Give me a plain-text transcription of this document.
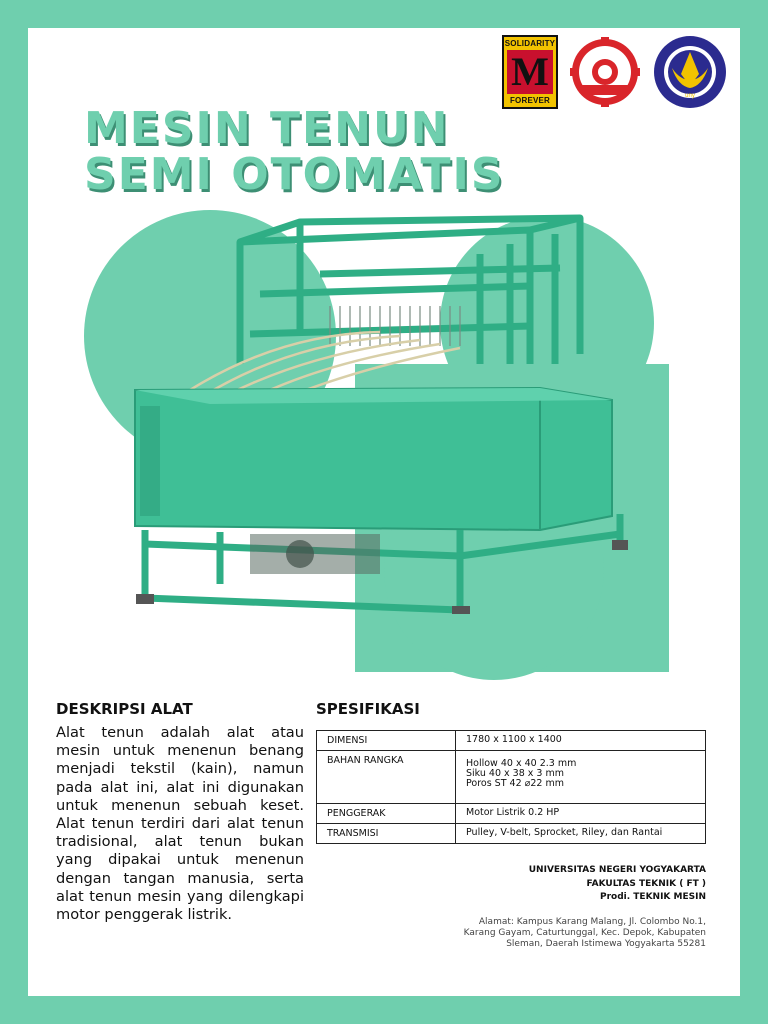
SOLIDARITY
M
FOREVER	uny
MESIN TENUN
SEMI OTOMATIS
DESKRIPSI ALAT

Alat tenun adalah alat atau mesin untuk menenun benang menjadi tekstil (kain), namun pada alat ini, alat ini digunakan untuk menenun sebuah keset. Alat tenun terdiri dari alat tenun tradisional, alat tenun bukan yang dipakai untuk menenun dengan tangan manusia, serta alat tenun mesin yang dilengkapi motor penggerak listrik.

SPESIFIKASI
DIMENSI	1780 x 1100 x 1400

BAHAN RANGKA	Hollow 40 x 40 2.3 mm
Siku 40 x 38 x 3 mm
Poros ST 42 ⌀22 mm

PENGGERAK	Motor Listrik 0.2 HP

TRANSMISI	Pulley, V-belt, Sprocket, Riley, dan Rantai
UNIVERSITAS NEGERI YOGYAKARTA
FAKULTAS TEKNIK ( FT )
Prodi. TEKNIK MESIN
Alamat: Kampus Karang Malang, Jl. Colombo No.1,
Karang Gayam, Caturtunggal, Kec. Depok, Kabupaten
Sleman, Daerah Istimewa Yogyakarta 55281
